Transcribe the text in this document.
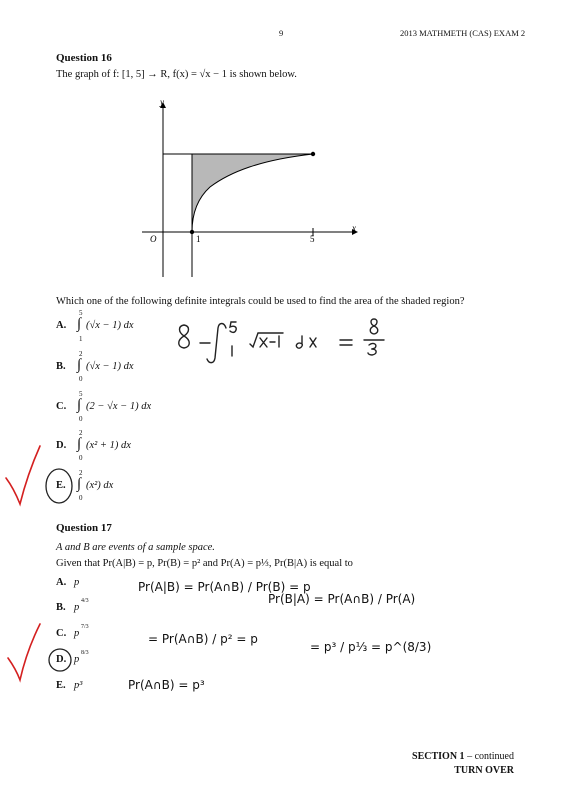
9	2013 MATHMETH (CAS) EXAM 2
Question 16
The graph of f: [1, 5] → R, f(x) = √x − 1 is shown below.
y
x
O	1	5
Which one of the following definite integrals could be used to find the area of the shaded region?
A.
5
∫
1
(√x − 1) dx
B.
2
∫
0
(√x − 1) dx
C.
5
∫
0
(2 − √x − 1) dx
D.
2
∫
0
(x² + 1) dx
E.
2
∫
0
(x²) dx
Question 17
A and B are events of a sample space.
Given that Pr(A|B) = p, Pr(B) = p² and Pr(A) = p⅓, Pr(B|A) is equal to
A. p
B. p
4/3
C. p
7/3
D. p
8/3
E. p³
Pr(A|B) = Pr(A∩B) / Pr(B) = p
= Pr(A∩B) / p² = p
Pr(A∩B) = p³
Pr(B|A) = Pr(A∩B) / Pr(A)
= p³ / p⅓ = p^(8/3)
SECTION 1 – continued
TURN OVER
